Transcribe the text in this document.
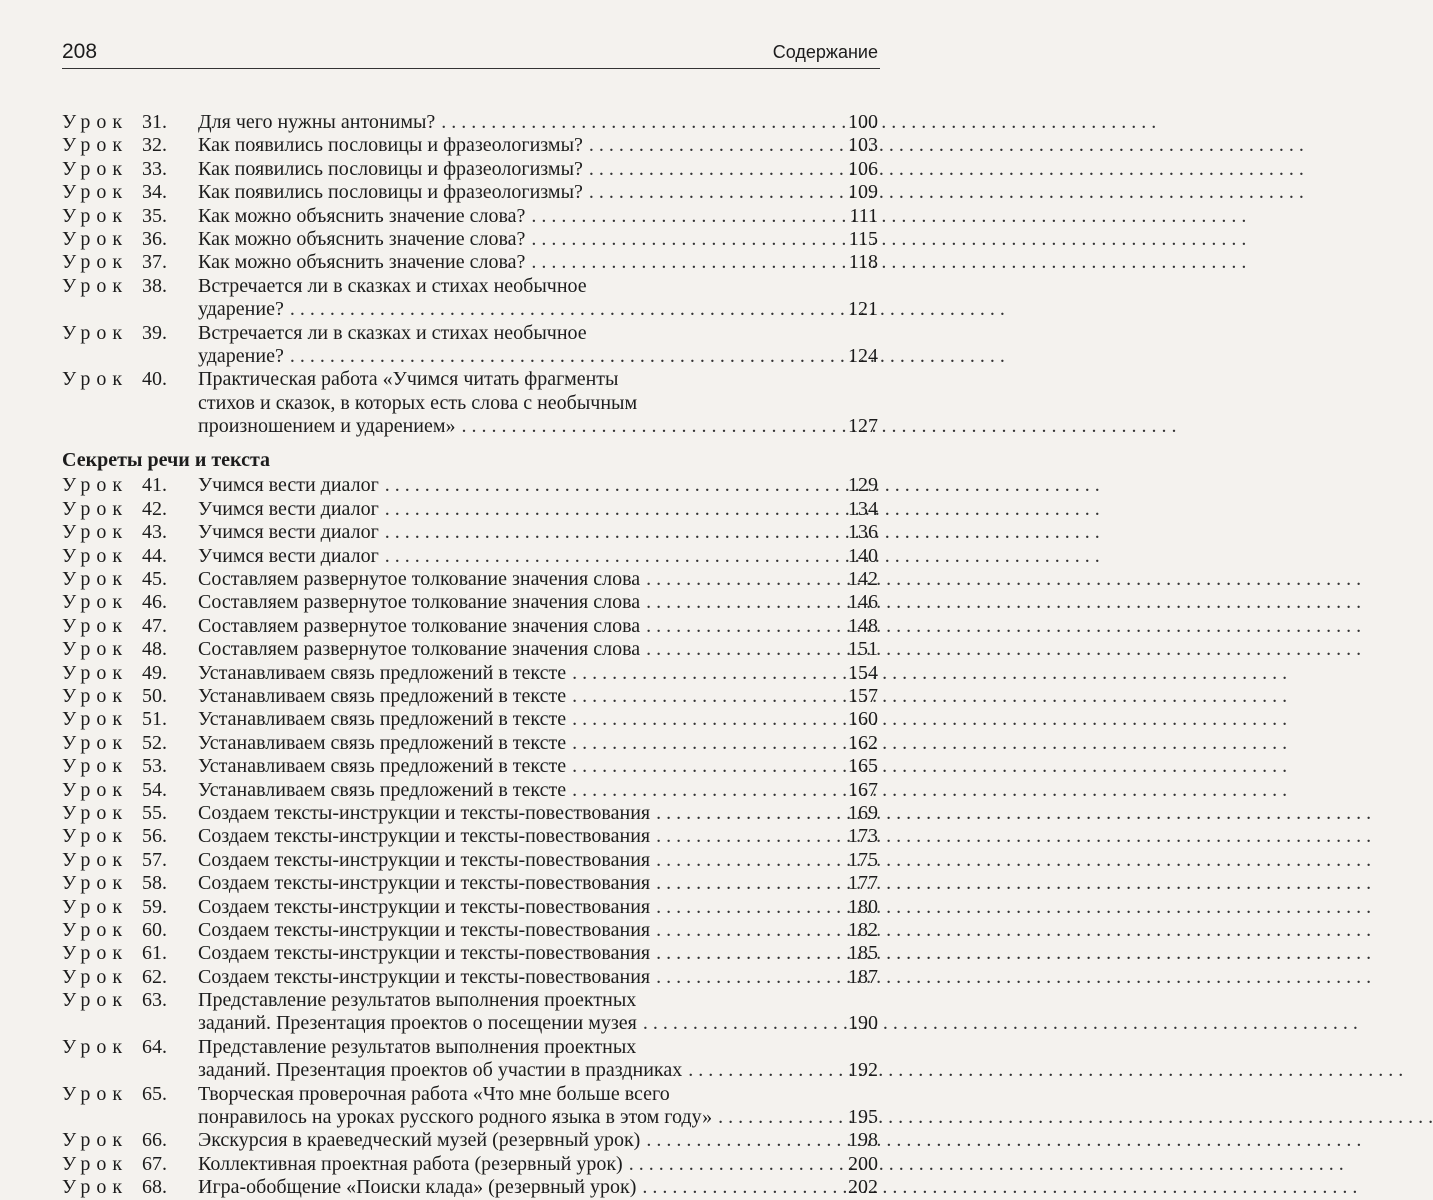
208	Содержание
Урок 31.	Для чего нужны антонимы? . . .	100
Урок 32.	Как появились пословицы и фразеологизмы? . . .	103
Урок 33.	Как появились пословицы и фразеологизмы? . . .	106
Урок 34.	Как появились пословицы и фразеологизмы? . . .	109
Урок 35.	Как можно объяснить значение слова? . . .	111
Урок 36.	Как можно объяснить значение слова? . . .	115
Урок 37.	Как можно объяснить значение слова? . . .	118
Урок 38.	Встречается ли в сказках и стихах необычное
ударение? . . .	121
Урок 39.	Встречается ли в сказках и стихах необычное
ударение? . . .	124
Урок 40.	Практическая работа «Учимся читать фрагменты
стихов и сказок, в которых есть слова с необычным
произношением и ударением» . . .	127
Секреты речи и текста
Урок 41.	Учимся вести диалог . . .	129
Урок 42.	Учимся вести диалог . . .	134
Урок 43.	Учимся вести диалог . . .	136
Урок 44.	Учимся вести диалог . . .	140
Урок 45.	Составляем развернутое толкование значения слова . . .	142
Урок 46.	Составляем развернутое толкование значения слова . . .	146
Урок 47.	Составляем развернутое толкование значения слова . . .	148
Урок 48.	Составляем развернутое толкование значения слова . . .	151
Урок 49.	Устанавливаем связь предложений в тексте . . .	154
Урок 50.	Устанавливаем связь предложений в тексте . . .	157
Урок 51.	Устанавливаем связь предложений в тексте . . .	160
Урок 52.	Устанавливаем связь предложений в тексте . . .	162
Урок 53.	Устанавливаем связь предложений в тексте . . .	165
Урок 54.	Устанавливаем связь предложений в тексте . . .	167
Урок 55.	Создаем тексты-инструкции и тексты-повествования . . .	169
Урок 56.	Создаем тексты-инструкции и тексты-повествования . . .	173
Урок 57.	Создаем тексты-инструкции и тексты-повествования . . .	175
Урок 58.	Создаем тексты-инструкции и тексты-повествования . . .	177
Урок 59.	Создаем тексты-инструкции и тексты-повествования . . .	180
Урок 60.	Создаем тексты-инструкции и тексты-повествования . . .	182
Урок 61.	Создаем тексты-инструкции и тексты-повествования . . .	185
Урок 62.	Создаем тексты-инструкции и тексты-повествования . . .	187
Урок 63.	Представление результатов выполнения проектных
заданий. Презентация проектов о посещении музея . . .	190
Урок 64.	Представление результатов выполнения проектных
заданий. Презентация проектов об участии в праздниках . . .	192
Урок 65.	Творческая проверочная работа «Что мне больше всего
понравилось на уроках русского родного языка в этом году» . . .	195
Урок 66.	Экскурсия в краеведческий музей (резервный урок) . . .	198
Урок 67.	Коллективная проектная работа (резервный урок) . . .	200
Урок 68.	Игра-обобщение «Поиски клада» (резервный урок) . . .	202
